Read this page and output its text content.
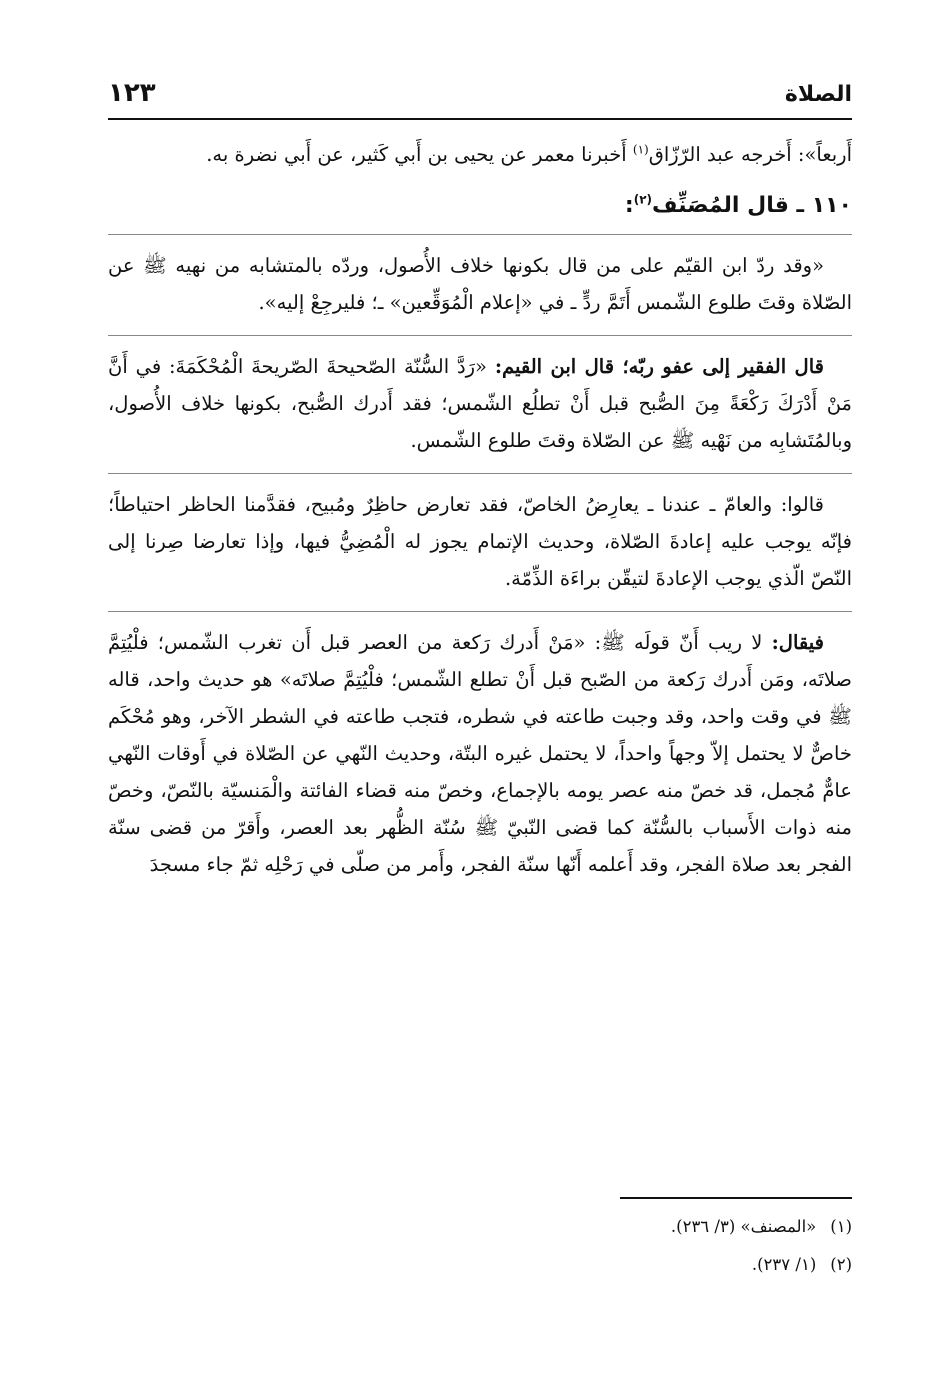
الصلاة
١٢٣

أَربعاً»: أَخرجه عبد الرّزّاق$^{(١)}$ أَخبرنا معمر عن يحيى بن أَبي كَثير، عن أَبي نضرة به.

١١٠ ـ قال المُصَنِّف$^{(٢)}$:

«وقد ردّ ابن القيّم على من قال بكونها خلاف الأُصول، وردّه بالمتشابه من نهيه ﷺ عن الصّلاة وقتَ طلوع الشّمس أَتَمَّ ردٍّ ـ في «إعلام الْمُوَقِّعين» ـ؛ فليرجِعْ إليه».

قال الفقير إلى عفو ربّه؛ قال ابن القيم: «رَدَّ السُّنّة الصّحيحةَ الصّريحةَ الْمُحْكَمَةَ: في أَنَّ مَنْ أَدْرَكَ رَكْعَةً مِنَ الصُّبح قبل أَنْ تطلُع الشّمس؛ فقد أَدرك الصُّبح، بكونها خلاف الأُصول، وبالمُتَشابِه من نَهْيه ﷺ عن الصّلاة وقتَ طلوع الشّمس.

قالوا: والعامّ ـ عندنا ـ يعارِضُ الخاصّ، فقد تعارض حاظِرٌ ومُبيح، فقدَّمنا الحاظر احتياطاً؛ فإنّه يوجب عليه إعادةَ الصّلاة، وحديث الإتمام يجوز له الْمُضِيُّ فيها، وإذا تعارضا صِرنا إلى النّصّ الّذي يوجب الإعادةَ لتيقّن براءَة الذِّمّة.

فيقال: لا ريب أَنّ قولَه ﷺ: «مَنْ أَدرك رَكعة من العصر قبل أَن تغرب الشّمس؛ فلْيُتِمَّ صلاتَه، ومَن أَدرك رَكعة من الصّبح قبل أَنْ تطلع الشّمس؛ فلْيُتِمَّ صلاتَه» هو حديث واحد، قاله ﷺ في وقت واحد، وقد وجبت طاعته في شطره، فتجب طاعته في الشطر الآخر، وهو مُحْكَم خاصٌّ لا يحتمل إلاّ وجهاً واحداً، لا يحتمل غيره البتّة، وحديث النّهي عن الصّلاة في أَوقات النّهي عامٌّ مُجمل، قد خصّ منه عصر يومه بالإجماع، وخصّ منه قضاء الفائتة والْمَنسيّة بالنّصّ، وخصّ منه ذوات الأَسباب بالسُّنّة كما قضى النّبيّ ﷺ سُنّة الظُّهر بعد العصر، وأَقرّ من قضى سنّة الفجر بعد صلاة الفجر، وقد أَعلمه أَنّها سنّة الفجر، وأَمر من صلّى في رَحْلِه ثمّ جاء مسجدَ

(١)«المصنف» (٣/ ٢٣٦).
(٢)(١/ ٢٣٧).
